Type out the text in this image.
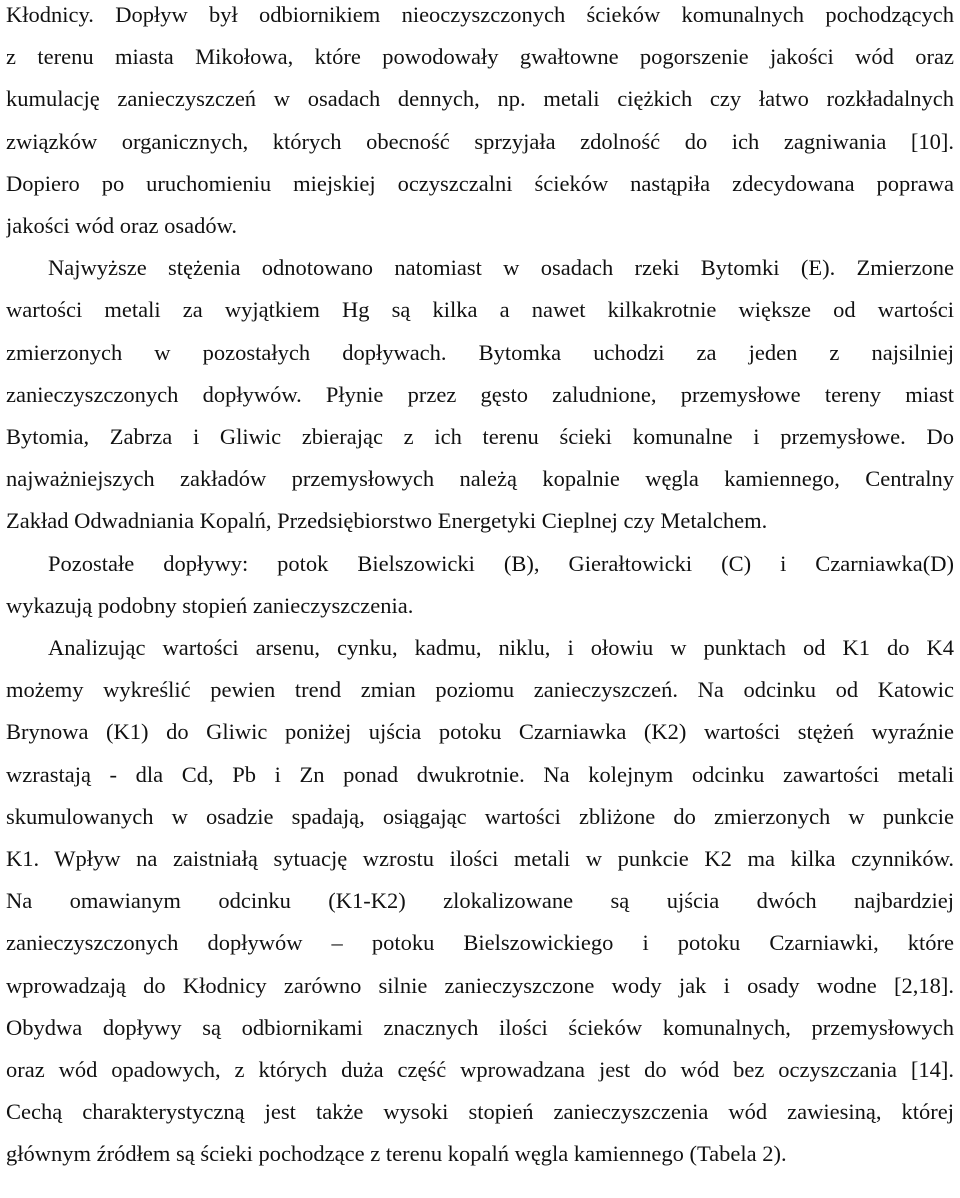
Kłodnicy. Dopływ był odbiornikiem nieoczyszczonych ścieków komunalnych pochodzących
z terenu miasta Mikołowa, które powodowały gwałtowne pogorszenie jakości wód oraz
kumulację zanieczyszczeń w osadach dennych, np. metali ciężkich czy łatwo rozkładalnych
związków organicznych, których obecność sprzyjała zdolność do ich zagniwania [10].
Dopiero po uruchomieniu miejskiej oczyszczalni ścieków nastąpiła zdecydowana poprawa
jakości wód oraz osadów.
Najwyższe stężenia odnotowano natomiast w osadach rzeki Bytomki (E). Zmierzone
wartości metali za wyjątkiem Hg są kilka a nawet kilkakrotnie większe od wartości
zmierzonych w pozostałych dopływach. Bytomka uchodzi za jeden z najsilniej
zanieczyszczonych dopływów. Płynie przez gęsto zaludnione, przemysłowe tereny miast
Bytomia, Zabrza i Gliwic zbierając z ich terenu ścieki komunalne i przemysłowe. Do
najważniejszych zakładów przemysłowych należą kopalnie węgla kamiennego, Centralny
Zakład Odwadniania Kopalń, Przedsiębiorstwo Energetyki Cieplnej czy Metalchem.
Pozostałe dopływy: potok Bielszowicki (B), Gierałtowicki (C) i Czarniawka(D)
wykazują podobny stopień zanieczyszczenia.
Analizując wartości arsenu, cynku, kadmu, niklu, i ołowiu w punktach od K1 do K4
możemy wykreślić pewien trend zmian poziomu zanieczyszczeń. Na odcinku od Katowic
Brynowa (K1) do Gliwic poniżej ujścia potoku Czarniawka (K2) wartości stężeń wyraźnie
wzrastają - dla Cd, Pb i Zn ponad dwukrotnie. Na kolejnym odcinku zawartości metali
skumulowanych w osadzie spadają, osiągając wartości zbliżone do zmierzonych w punkcie
K1. Wpływ na zaistniałą sytuację wzrostu ilości metali w punkcie K2 ma kilka czynników.
Na omawianym odcinku (K1-K2) zlokalizowane są ujścia dwóch najbardziej
zanieczyszczonych dopływów – potoku Bielszowickiego i potoku Czarniawki, które
wprowadzają do Kłodnicy zarówno silnie zanieczyszczone wody jak i osady wodne [2,18].
Obydwa dopływy są odbiornikami znacznych ilości ścieków komunalnych, przemysłowych
oraz wód opadowych, z których duża część wprowadzana jest do wód bez oczyszczania [14].
Cechą charakterystyczną jest także wysoki stopień zanieczyszczenia wód zawiesiną, której
głównym źródłem są ścieki pochodzące z terenu kopalń węgla kamiennego (Tabela 2).
